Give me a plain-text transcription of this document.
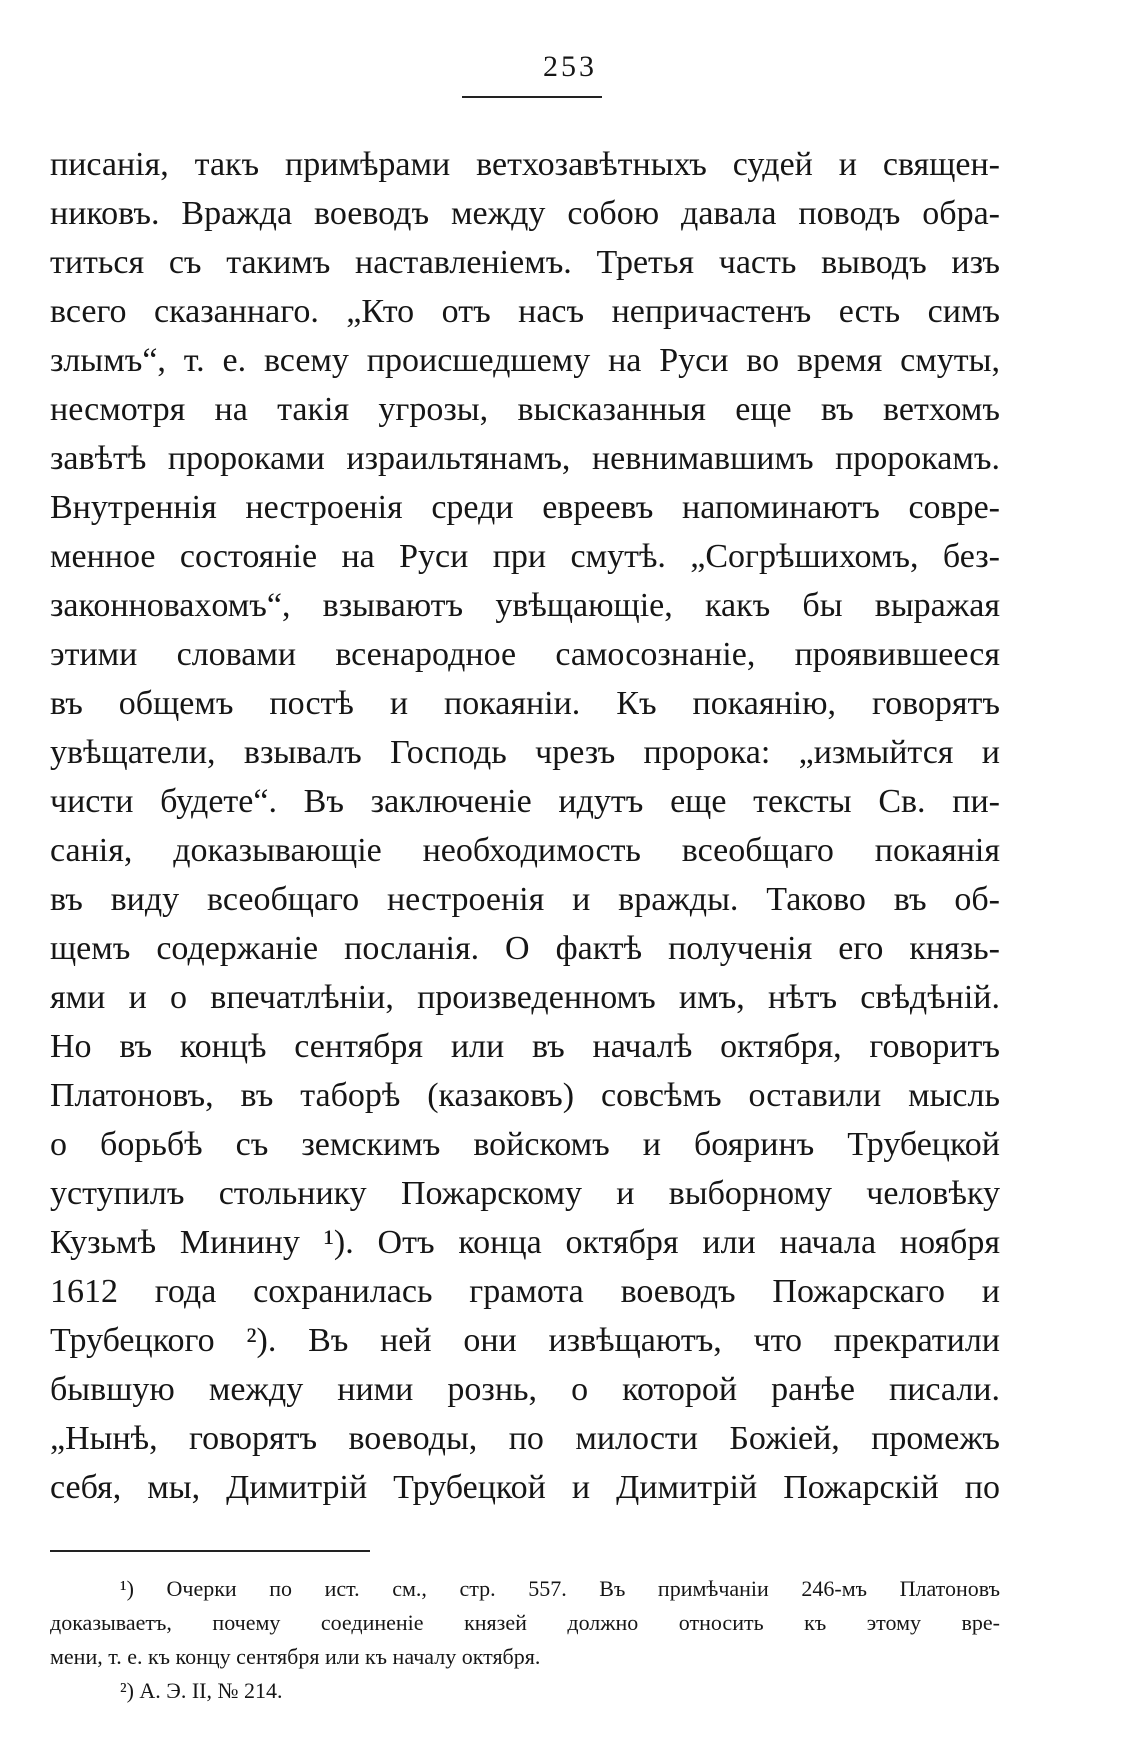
253
писанія, такъ примѣрами ветхозавѣтныхъ судей и священ-
никовъ. Вражда воеводъ между собою давала поводъ обра-
титься съ такимъ наставленіемъ. Третья часть выводъ изъ
всего сказаннаго. „Кто отъ насъ непричастенъ есть симъ
злымъ“, т. е. всему происшедшему на Руси во время смуты,
несмотря на такія угрозы, высказанныя еще въ ветхомъ
завѣтѣ пророками израильтянамъ, невнимавшимъ пророкамъ.
Внутреннія нестроенія среди евреевъ напоминаютъ совре-
менное состояніе на Руси при смутѣ. „Согрѣшихомъ, без-
законноваxомъ“, взываютъ увѣщающіе, какъ бы выражая
этими словами всенародное самосознаніе, проявившееся
въ общемъ постѣ и покаяніи. Къ покаянію, говорятъ
увѣщатели, взывалъ Господь чрезъ пророка: „измыйтся и
чисти будете“. Въ заключеніе идутъ еще тексты Св. пи-
санія, доказывающіе необходимость всеобщаго покаянія
въ виду всеобщаго нестроенія и вражды. Таково въ об-
щемъ содержаніе посланія. О фактѣ полученія его князь-
ями и о впечатлѣніи, произведенномъ имъ, нѣтъ свѣдѣній.
Но въ концѣ сентября или въ началѣ октября, говоритъ
Платоновъ, въ таборѣ (казаковъ) совсѣмъ оставили мысль
о борьбѣ съ земскимъ войскомъ и бояринъ Трубецкой
уступилъ стольнику Пожарскому и выборному человѣку
Кузьмѣ Минину ¹). Отъ конца октября или начала ноября
1612 года сохранилась грамота воеводъ Пожарскаго и
Трубецкого ²). Въ ней они извѣщаютъ, что прекратили
бывшую между ними рознь, о которой ранѣе писали.
„Нынѣ, говорятъ воеводы, по милости Божіей, промежъ
себя, мы, Димитрій Трубецкой и Димитрій Пожарскій по
¹) Очерки по ист. см., стр. 557. Въ примѣчаніи 246-мъ Платоновъ
доказываетъ, почему соединеніе князей должно относить къ этому вре-
мени, т. е. къ концу сентября или къ началу октября.
²) А. Э. II, № 214.
